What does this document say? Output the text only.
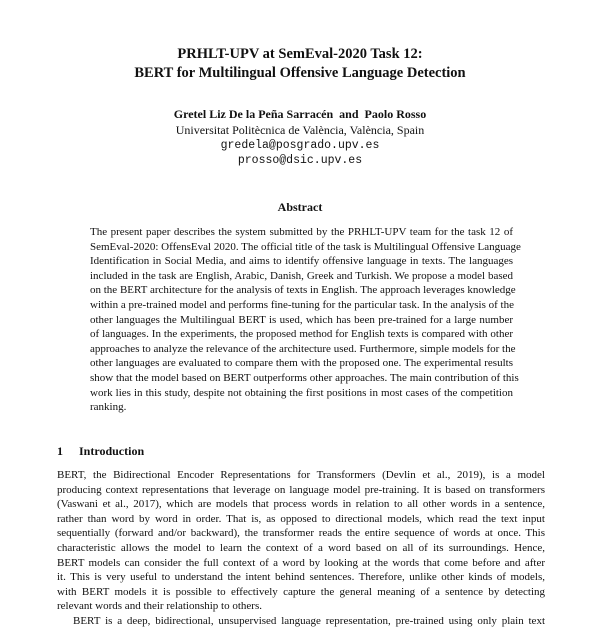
PRHLT-UPV at SemEval-2020 Task 12:
BERT for Multilingual Offensive Language Detection
Gretel Liz De la Peña Sarracén  and  Paolo Rosso
Universitat Politècnica de València, València, Spain
gredela@posgrado.upv.es
prosso@dsic.upv.es
Abstract
The present paper describes the system submitted by the PRHLT-UPV team for the task 12 of
SemEval-2020: OffensEval 2020. The official title of the task is Multilingual Offensive Language
Identification in Social Media, and aims to identify offensive language in texts. The languages
included in the task are English, Arabic, Danish, Greek and Turkish. We propose a model based
on the BERT architecture for the analysis of texts in English. The approach leverages knowledge
within a pre-trained model and performs fine-tuning for the particular task. In the analysis of the
other languages the Multilingual BERT is used, which has been pre-trained for a large number
of languages. In the experiments, the proposed method for English texts is compared with other
approaches to analyze the relevance of the architecture used. Furthermore, simple models for the
other languages are evaluated to compare them with the proposed one. The experimental results
show that the model based on BERT outperforms other approaches. The main contribution of this
work lies in this study, despite not obtaining the first positions in most cases of the competition
ranking.
1 Introduction
BERT, the Bidirectional Encoder Representations for Transformers (Devlin et al., 2019), is a model
producing context representations that leverage on language model pre-training. It is based on transformers
(Vaswani et al., 2017), which are models that process words in relation to all other words in a sentence,
rather than word by word in order. That is, as opposed to directional models, which read the text input
sequentially (forward and/or backward), the transformer reads the entire sequence of words at once. This
characteristic allows the model to learn the context of a word based on all of its surroundings. Hence,
BERT models can consider the full context of a word by looking at the words that come before and after
it. This is very useful to understand the intent behind sentences. Therefore, unlike other kinds of models,
with BERT models it is possible to effectively capture the general meaning of a sentence by detecting
relevant words and their relationship to others.
BERT is a deep, bidirectional, unsupervised language representation, pre-trained using only plain text
